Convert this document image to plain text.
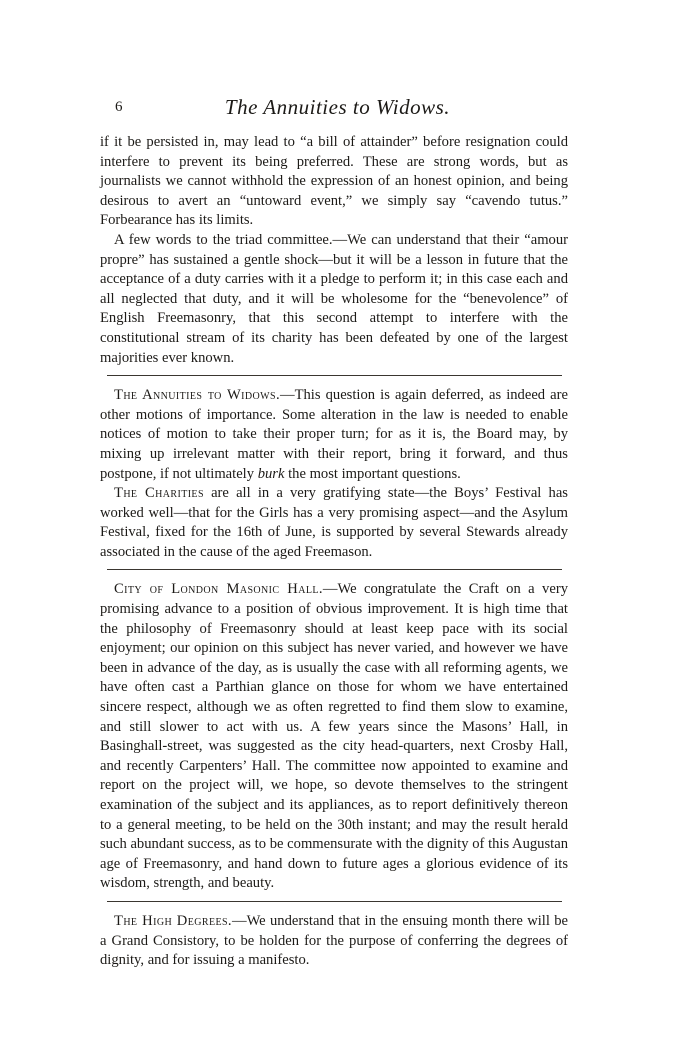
6	The Annuities to Widows.

if it be persisted in, may lead to “a bill of attainder” before resignation could interfere to prevent its being preferred. These are strong words, but as journalists we cannot withhold the expression of an honest opinion, and being desirous to avert an “untoward event,” we simply say “cavendo tutus.” Forbearance has its limits.

A few words to the triad committee.—We can understand that their “amour propre” has sustained a gentle shock—but it will be a lesson in future that the acceptance of a duty carries with it a pledge to perform it; in this case each and all neglected that duty, and it will be wholesome for the “benevolence” of English Freemasonry, that this second attempt to interfere with the constitutional stream of its charity has been defeated by one of the largest majorities ever known.

The Annuities to Widows.—This question is again deferred, as indeed are other motions of importance. Some alteration in the law is needed to enable notices of motion to take their proper turn; for as it is, the Board may, by mixing up irrelevant matter with their report, bring it forward, and thus postpone, if not ultimately burk the most important questions.

The Charities are all in a very gratifying state—the Boys’ Festival has worked well—that for the Girls has a very promising aspect—and the Asylum Festival, fixed for the 16th of June, is supported by several Stewards already associated in the cause of the aged Freemason.

City of London Masonic Hall.—We congratulate the Craft on a very promising advance to a position of obvious improvement. It is high time that the philosophy of Freemasonry should at least keep pace with its social enjoyment; our opinion on this subject has never varied, and however we have been in advance of the day, as is usually the case with all reforming agents, we have often cast a Parthian glance on those for whom we have entertained sincere respect, although we as often regretted to find them slow to examine, and still slower to act with us. A few years since the Masons’ Hall, in Basinghall-street, was suggested as the city head-quarters, next Crosby Hall, and recently Carpenters’ Hall. The committee now appointed to examine and report on the project will, we hope, so devote themselves to the stringent examination of the subject and its appliances, as to report definitively thereon to a general meeting, to be held on the 30th instant; and may the result herald such abundant success, as to be commensurate with the dignity of this Augustan age of Freemasonry, and hand down to future ages a glorious evidence of its wisdom, strength, and beauty.

The High Degrees.—We understand that in the ensuing month there will be a Grand Consistory, to be holden for the purpose of conferring the degrees of dignity, and for issuing a manifesto.
